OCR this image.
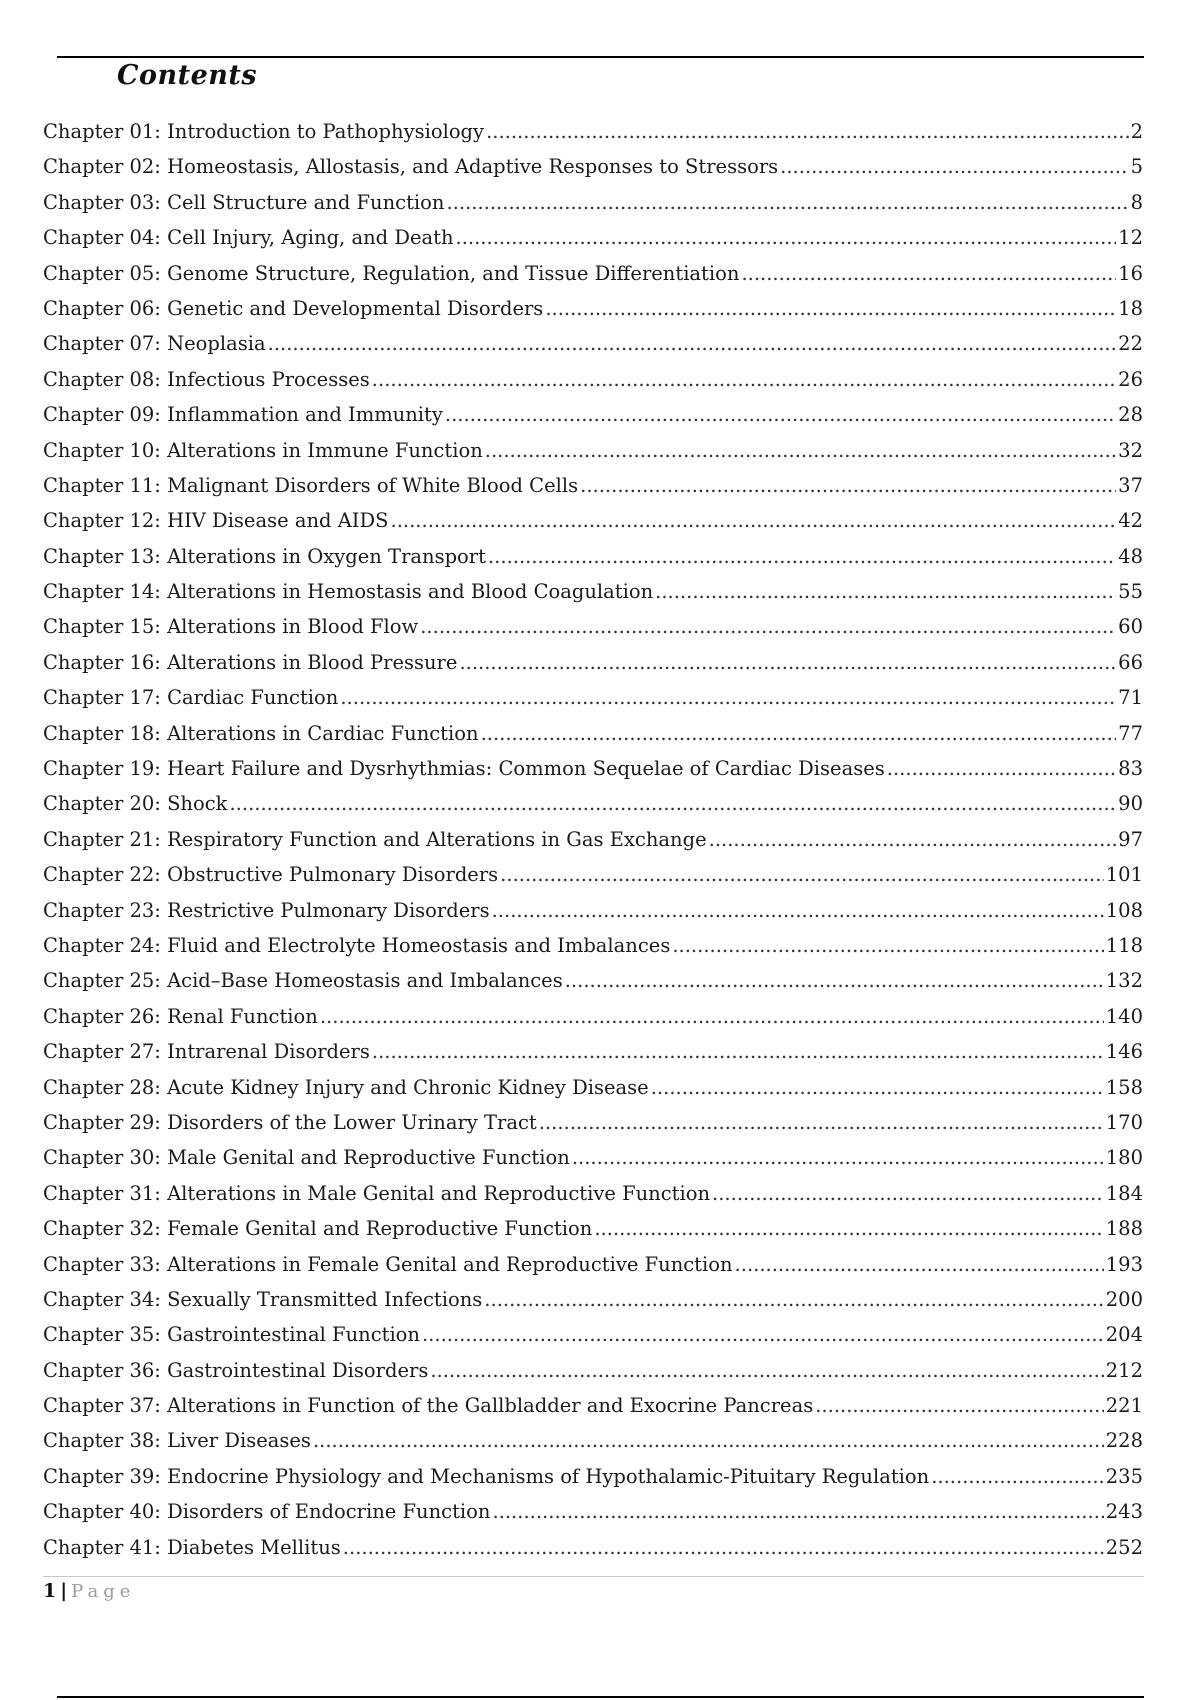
Contents
Chapter 01: Introduction to Pathophysiology .....	2
Chapter 02: Homeostasis, Allostasis, and Adaptive Responses to Stressors .....	5
Chapter 03: Cell Structure and Function .....	8
Chapter 04: Cell Injury, Aging, and Death .....	12
Chapter 05: Genome Structure, Regulation, and Tissue Differentiation .....	16
Chapter 06: Genetic and Developmental Disorders .....	18
Chapter 07: Neoplasia .....	22
Chapter 08: Infectious Processes .....	26
Chapter 09: Inflammation and Immunity .....	28
Chapter 10: Alterations in Immune Function .....	32
Chapter 11: Malignant Disorders of White Blood Cells .....	37
Chapter 12: HIV Disease and AIDS .....	42
Chapter 13: Alterations in Oxygen Transport .....	48
Chapter 14: Alterations in Hemostasis and Blood Coagulation .....	55
Chapter 15: Alterations in Blood Flow .....	60
Chapter 16: Alterations in Blood Pressure .....	66
Chapter 17: Cardiac Function .....	71
Chapter 18: Alterations in Cardiac Function .....	77
Chapter 19: Heart Failure and Dysrhythmias: Common Sequelae of Cardiac Diseases .....	83
Chapter 20: Shock .....	90
Chapter 21: Respiratory Function and Alterations in Gas Exchange .....	97
Chapter 22: Obstructive Pulmonary Disorders .....	101
Chapter 23: Restrictive Pulmonary Disorders .....	108
Chapter 24: Fluid and Electrolyte Homeostasis and Imbalances .....	118
Chapter 25: Acid–Base Homeostasis and Imbalances .....	132
Chapter 26: Renal Function .....	140
Chapter 27: Intrarenal Disorders .....	146
Chapter 28: Acute Kidney Injury and Chronic Kidney Disease .....	158
Chapter 29: Disorders of the Lower Urinary Tract .....	170
Chapter 30: Male Genital and Reproductive Function .....	180
Chapter 31: Alterations in Male Genital and Reproductive Function .....	184
Chapter 32: Female Genital and Reproductive Function .....	188
Chapter 33: Alterations in Female Genital and Reproductive Function .....	193
Chapter 34: Sexually Transmitted Infections .....	200
Chapter 35: Gastrointestinal Function .....	204
Chapter 36: Gastrointestinal Disorders .....	212
Chapter 37: Alterations in Function of the Gallbladder and Exocrine Pancreas .....	221
Chapter 38: Liver Diseases .....	228
Chapter 39: Endocrine Physiology and Mechanisms of Hypothalamic-Pituitary Regulation .....	235
Chapter 40: Disorders of Endocrine Function .....	243
Chapter 41: Diabetes Mellitus .....	252
1 | Page
